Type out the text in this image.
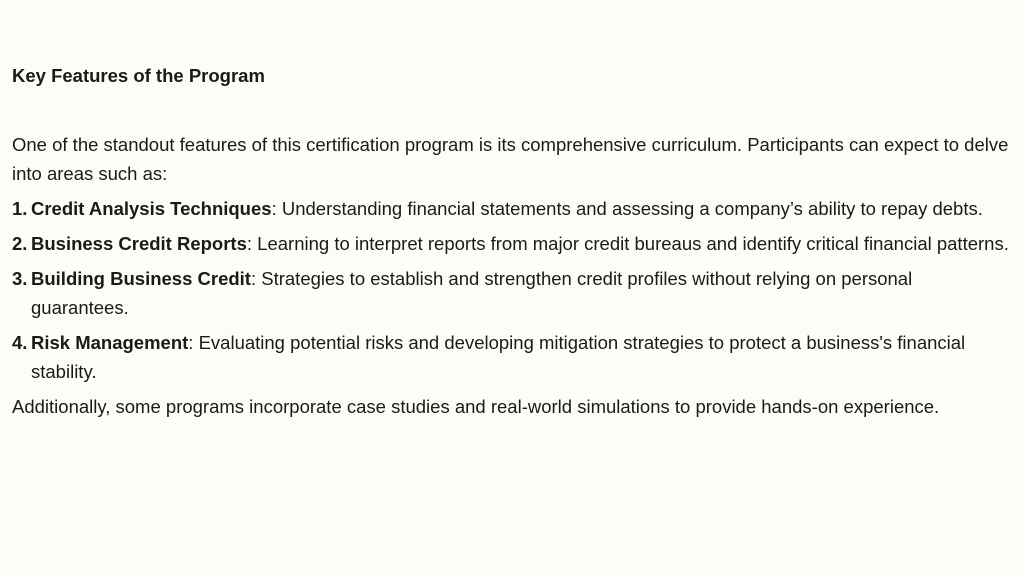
Key Features of the Program

One of the standout features of this certification program is its comprehensive curriculum. Participants can expect to delve into areas such as:

1. Credit Analysis Techniques: Understanding financial statements and assessing a company’s ability to repay debts.
2. Business Credit Reports: Learning to interpret reports from major credit bureaus and identify critical financial patterns.
3. Building Business Credit: Strategies to establish and strengthen credit profiles without relying on personal guarantees.
4. Risk Management: Evaluating potential risks and developing mitigation strategies to protect a business's financial stability.

Additionally, some programs incorporate case studies and real-world simulations to provide hands-on experience.
